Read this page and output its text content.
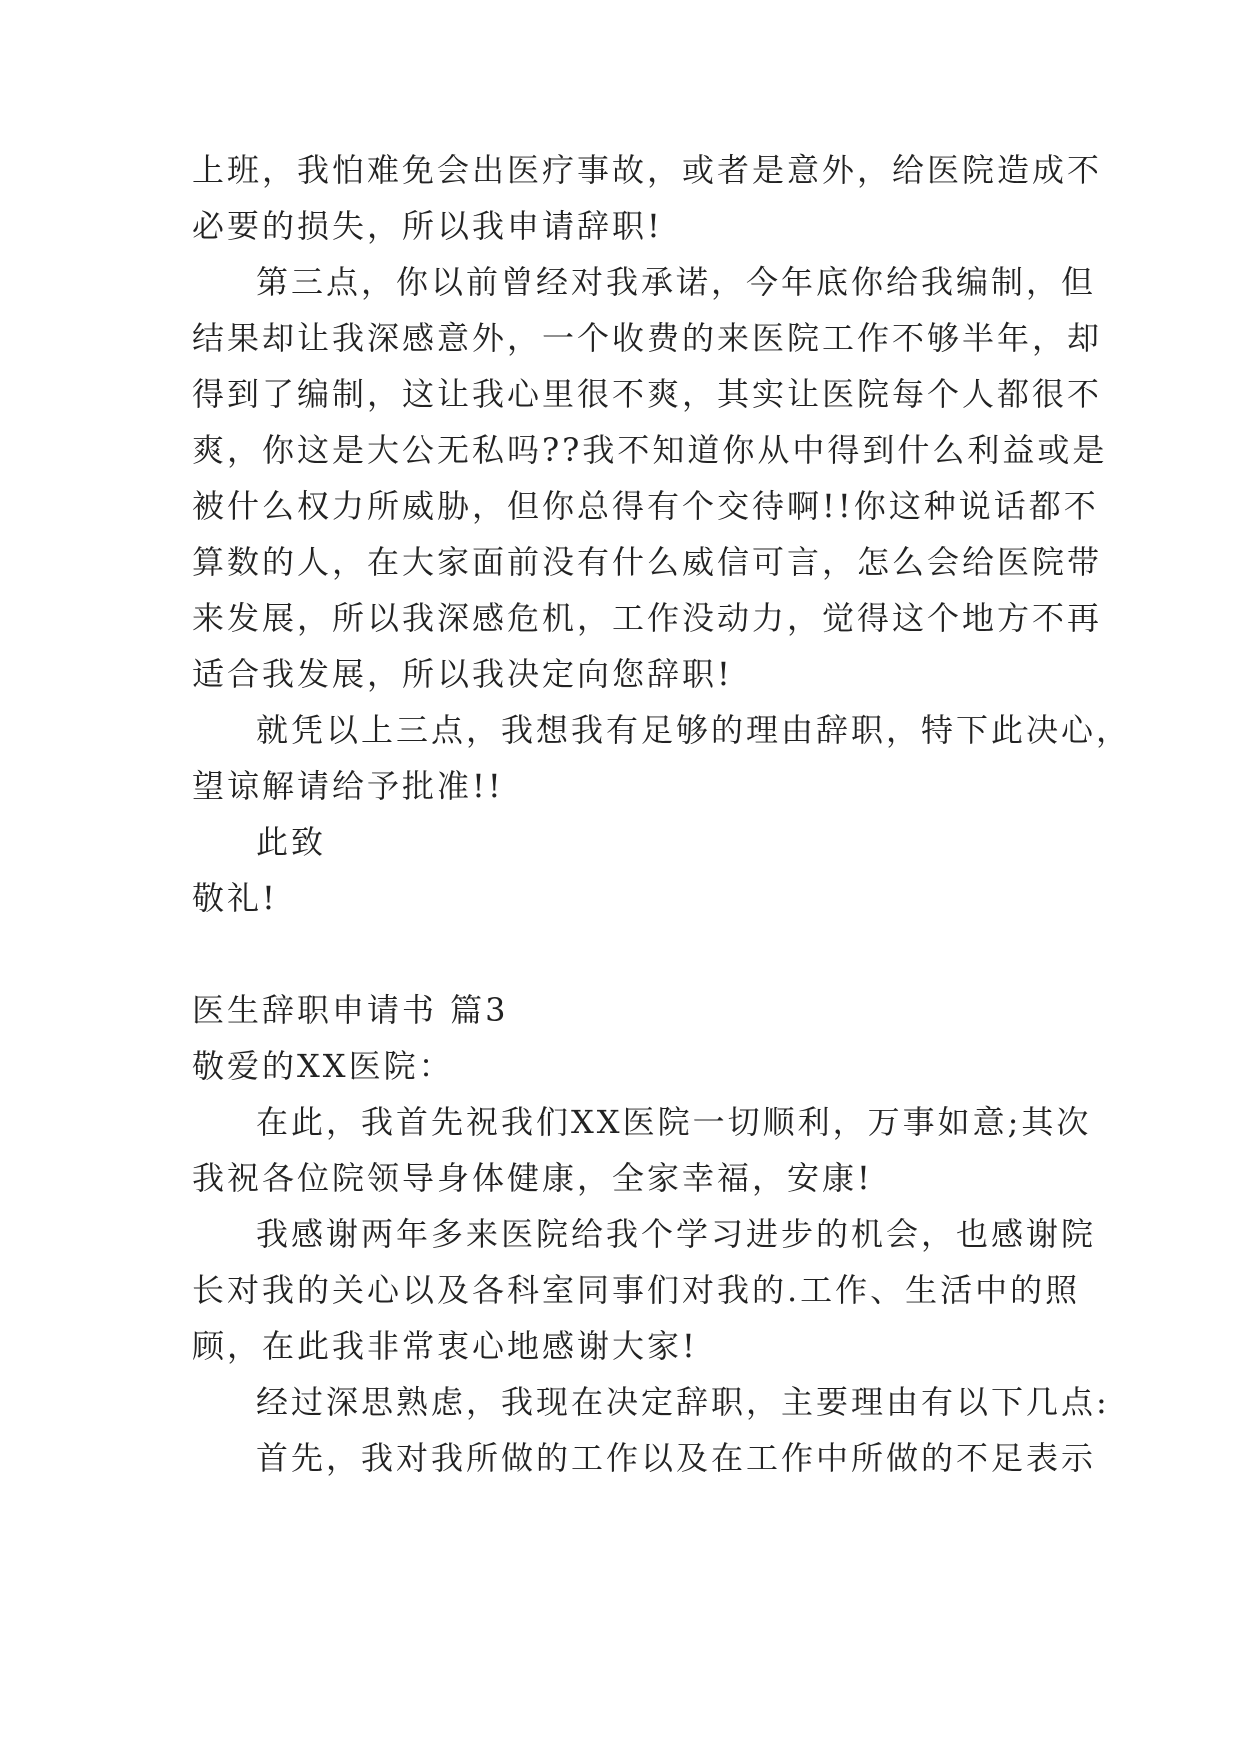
上班，我怕难免会出医疗事故，或者是意外，给医院造成不
必要的损失，所以我申请辞职!
第三点，你以前曾经对我承诺，今年底你给我编制，但
结果却让我深感意外，一个收费的来医院工作不够半年，却
得到了编制，这让我心里很不爽，其实让医院每个人都很不
爽，你这是大公无私吗??我不知道你从中得到什么利益或是
被什么权力所威胁，但你总得有个交待啊!!你这种说话都不
算数的人，在大家面前没有什么威信可言，怎么会给医院带
来发展，所以我深感危机，工作没动力，觉得这个地方不再
适合我发展，所以我决定向您辞职!
就凭以上三点，我想我有足够的理由辞职，特下此决心，
望谅解请给予批准!!
此致
敬礼!
医生辞职申请书 篇3
敬爱的XX医院：
在此，我首先祝我们XX医院一切顺利，万事如意;其次
我祝各位院领导身体健康，全家幸福，安康!
我感谢两年多来医院给我个学习进步的机会，也感谢院
长对我的关心以及各科室同事们对我的.工作、生活中的照
顾，在此我非常衷心地感谢大家!
经过深思熟虑，我现在决定辞职，主要理由有以下几点:
首先，我对我所做的工作以及在工作中所做的不足表示
